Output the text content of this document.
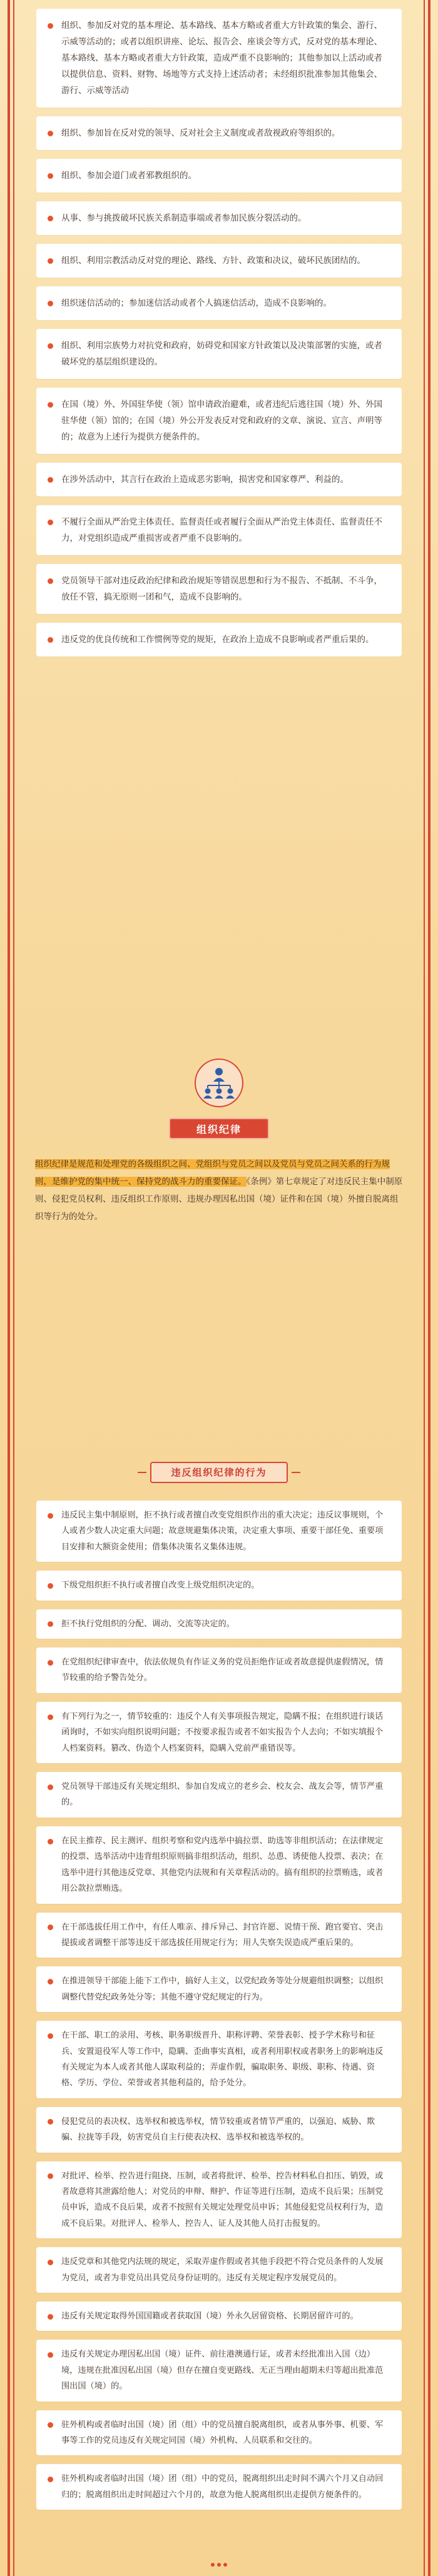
组织、参加反对党的基本理论、基本路线、基本方略或者重大方针政策的集会、游行、示威等活动的；或者以组织讲座、论坛、报告会、座谈会等方式，反对党的基本理论、基本路线、基本方略或者重大方针政策，造成严重不良影响的；其他参加以上活动或者以提供信息、资料、财物、场地等方式支持上述活动者；未经组织批准参加其他集会、游行、示威等活动
组织、参加旨在反对党的领导、反对社会主义制度或者敌视政府等组织的。
组织、参加会道门或者邪教组织的。
从事、参与挑拨破坏民族关系制造事端或者参加民族分裂活动的。
组织、利用宗教活动反对党的理论、路线、方针、政策和决议，破坏民族团结的。
组织迷信活动的；参加迷信活动或者个人搞迷信活动，造成不良影响的。
组织、利用宗族势力对抗党和政府，妨碍党和国家方针政策以及决策部署的实施，或者破坏党的基层组织建设的。
在国（境）外、外国驻华使（领）馆申请政治避难，或者违纪后逃往国（境）外、外国驻华使（领）馆的；在国（境）外公开发表反对党和政府的文章、演说、宣言、声明等的；故意为上述行为提供方便条件的。
在涉外活动中，其言行在政治上造成恶劣影响，损害党和国家尊严、利益的。
不履行全面从严治党主体责任、监督责任或者履行全面从严治党主体责任、监督责任不力，对党组织造成严重损害或者严重不良影响的。
党员领导干部对违反政治纪律和政治规矩等错误思想和行为不报告、不抵制、不斗争，放任不管，搞无原则一团和气，造成不良影响的。
违反党的优良传统和工作惯例等党的规矩，在政治上造成不良影响或者严重后果的。
组织纪律
组织纪律是规范和处理党的各级组织之间、党组织与党员之间以及党员与党员之间关系的行为规则，是维护党的集中统一、保持党的战斗力的重要保证。《条例》第七章规定了对违反民主集中制原则、侵犯党员权利、违反组织工作原则、违规办理因私出国（境）证件和在国（境）外擅自脱离组织等行为的处分。
违反组织纪律的行为
违反民主集中制原则，拒不执行或者擅自改变党组织作出的重大决定；违反议事规则，个人或者少数人决定重大问题；故意规避集体决策，决定重大事项、重要干部任免、重要项目安排和大额资金使用；借集体决策名义集体违规。
下级党组织拒不执行或者擅自改变上级党组织决定的。
拒不执行党组织的分配、调动、交流等决定的。
在党组织纪律审查中，依法依规负有作证义务的党员拒绝作证或者故意提供虚假情况，情节较重的给予警告处分。
有下列行为之一，情节较重的：违反个人有关事项报告规定，隐瞒不报；在组织进行谈话函询时，不如实向组织说明问题；不按要求报告或者不如实报告个人去向；不如实填报个人档案资料。篡改、伪造个人档案资料，隐瞒入党前严重错误等。
党员领导干部违反有关规定组织、参加自发成立的老乡会、校友会、战友会等，情节严重的。
在民主推荐、民主测评、组织考察和党内选举中搞拉票、助选等非组织活动；在法律规定的投票、选举活动中违背组织原则搞非组织活动，组织、怂恿、诱使他人投票、表决；在选举中进行其他违反党章、其他党内法规和有关章程活动的。搞有组织的拉票贿选，或者用公款拉票贿选。
在干部选拔任用工作中，有任人唯亲、排斥异己、封官许愿、说情干预、跑官要官、突击提拔或者调整干部等违反干部选拔任用规定行为；用人失察失误造成严重后果的。
在推进领导干部能上能下工作中，搞好人主义，以党纪政务等处分规避组织调整；以组织调整代替党纪政务处分等；其他不遵守党纪规定的行为。
在干部、职工的录用、考核、职务职级晋升、职称评聘、荣誉表彰、授予学术称号和征兵、安置退役军人等工作中，隐瞒、歪曲事实真相，或者利用职权或者职务上的影响违反有关规定为本人或者其他人谋取利益的；弄虚作假，骗取职务、职级、职称、待遇、资格、学历、学位、荣誉或者其他利益的，给予处分。
侵犯党员的表决权、选举权和被选举权，情节较重或者情节严重的，以强迫、威胁、欺骗、拉拢等手段，妨害党员自主行使表决权、选举权和被选举权的。
对批评、检举、控告进行阻挠、压制，或者将批评、检举、控告材料私自扣压、销毁，或者故意将其泄露给他人；对党员的申辩、辩护、作证等进行压制，造成不良后果；压制党员申诉，造成不良后果，或者不按照有关规定处理党员申诉；其他侵犯党员权利行为，造成不良后果。对批评人、检举人、控告人、证人及其他人员打击报复的。
违反党章和其他党内法规的规定，采取弄虚作假或者其他手段把不符合党员条件的人发展为党员，或者为非党员出具党员身份证明的。违反有关规定程序发展党员的。
违反有关规定取得外国国籍或者获取国（境）外永久居留资格、长期居留许可的。
违反有关规定办理因私出国（境）证件、前往港澳通行证，或者未经批准出入国（边）境，违规在批准因私出国（境）但存在擅自变更路线、无正当理由超期未归等超出批准范围出国（境）的。
驻外机构或者临时出国（境）团（组）中的党员擅自脱离组织，或者从事外事、机要、军事等工作的党员违反有关规定同国（境）外机构、人员联系和交往的。
驻外机构或者临时出国（境）团（组）中的党员，脱离组织出走时间不满六个月又自动回归的；脱离组织出走时间超过六个月的，故意为他人脱离组织出走提供方便条件的。
